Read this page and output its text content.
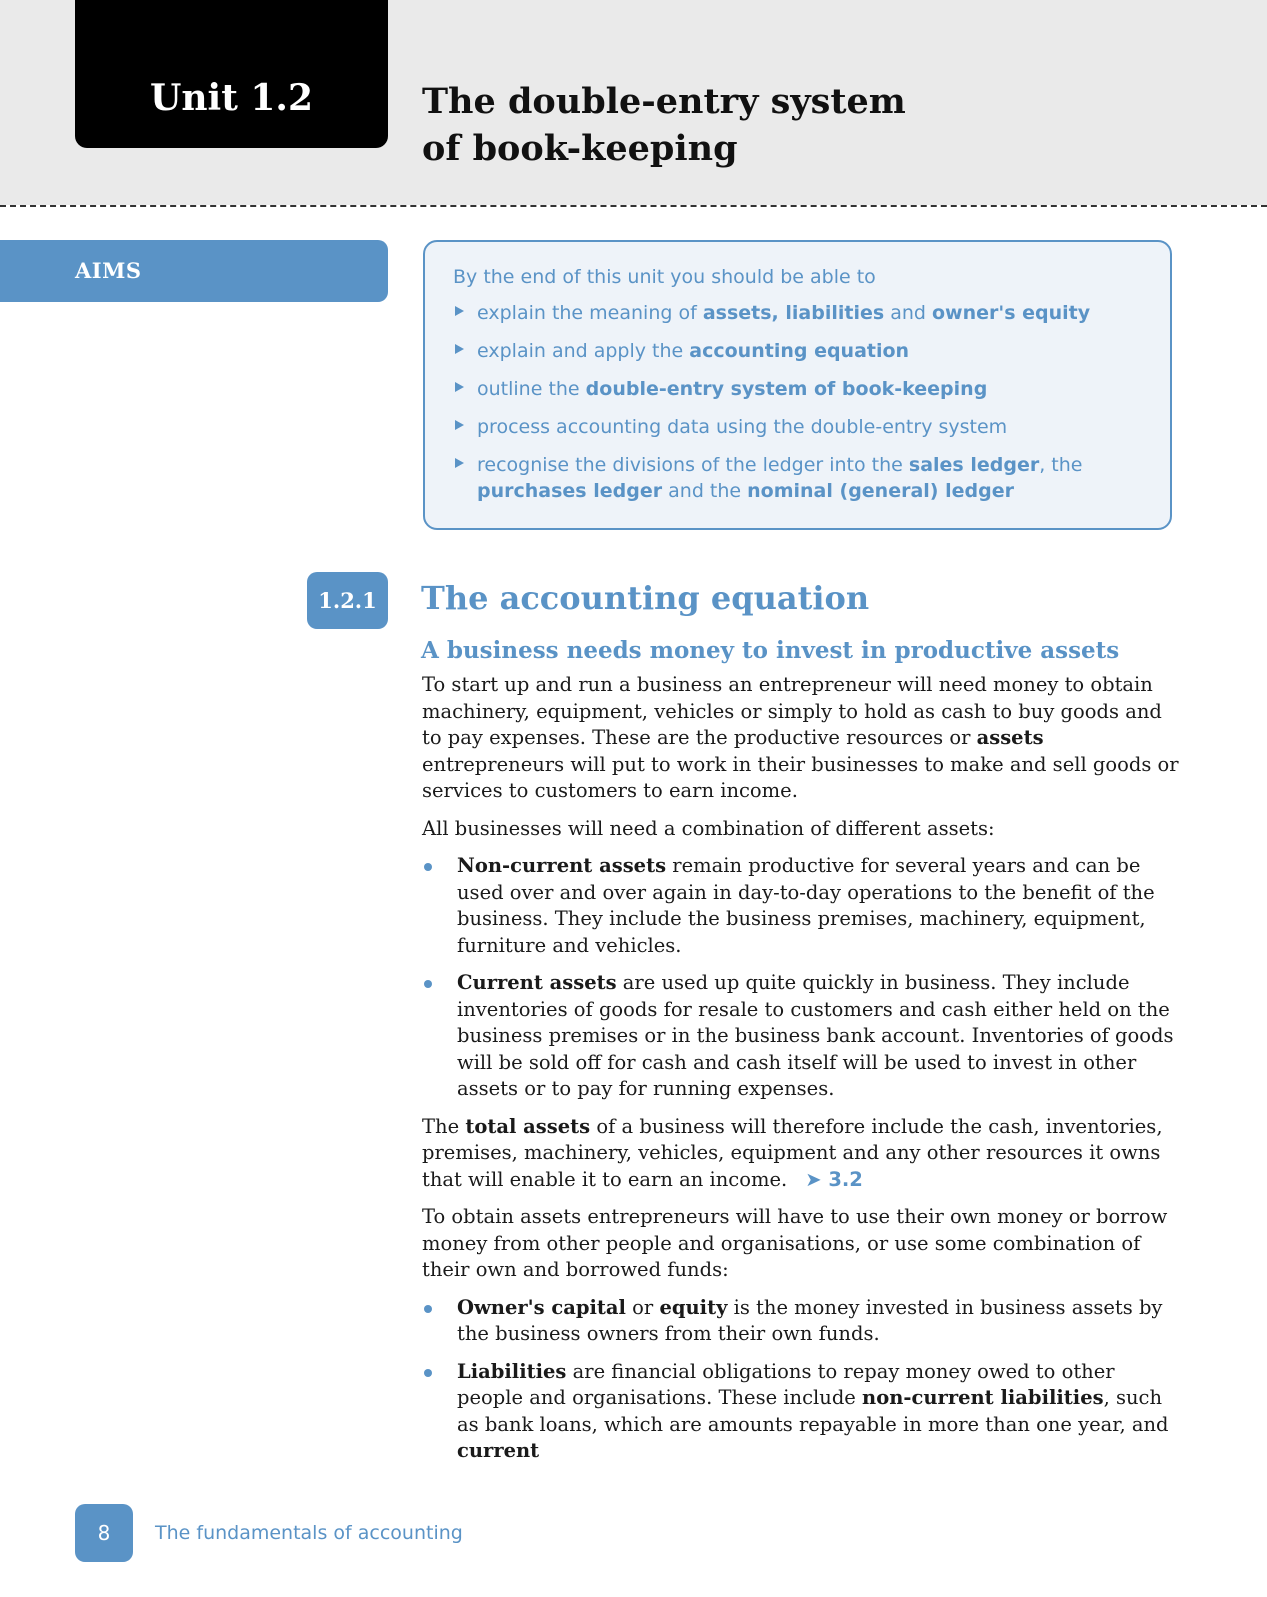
Unit 1.2	The double-entry system
of book-keeping
AIMS	By the end of this unit you should be able to

explain the meaning of assets, liabilities and owner's equity
explain and apply the accounting equation
outline the double-entry system of book-keeping
process accounting data using the double-entry system
recognise the divisions of the ledger into the sales ledger, the purchases ledger and the nominal (general) ledger
1.2.1	The accounting equation
A business needs money to invest in productive assets

To start up and run a business an entrepreneur will need money to obtain machinery, equipment, vehicles or simply to hold as cash to buy goods and to pay expenses. These are the productive resources or assets entrepreneurs will put to work in their businesses to make and sell goods or services to customers to earn income.

All businesses will need a combination of different assets:

Non-current assets remain productive for several years and can be used over and over again in day-to-day operations to the benefit of the business. They include the business premises, machinery, equipment, furniture and vehicles.
Current assets are used up quite quickly in business. They include inventories of goods for resale to customers and cash either held on the business premises or in the business bank account. Inventories of goods will be sold off for cash and cash itself will be used to invest in other assets or to pay for running expenses.

The total assets of a business will therefore include the cash, inventories, premises, machinery, vehicles, equipment and any other resources it owns that will enable it to earn an income. ➤ 3.2

To obtain assets entrepreneurs will have to use their own money or borrow money from other people and organisations, or use some combination of their own and borrowed funds:

Owner's capital or equity is the money invested in business assets by the business owners from their own funds.
Liabilities are financial obligations to repay money owed to other people and organisations. These include non-current liabilities, such as bank loans, which are amounts repayable in more than one year, and current
8	The fundamentals of accounting
